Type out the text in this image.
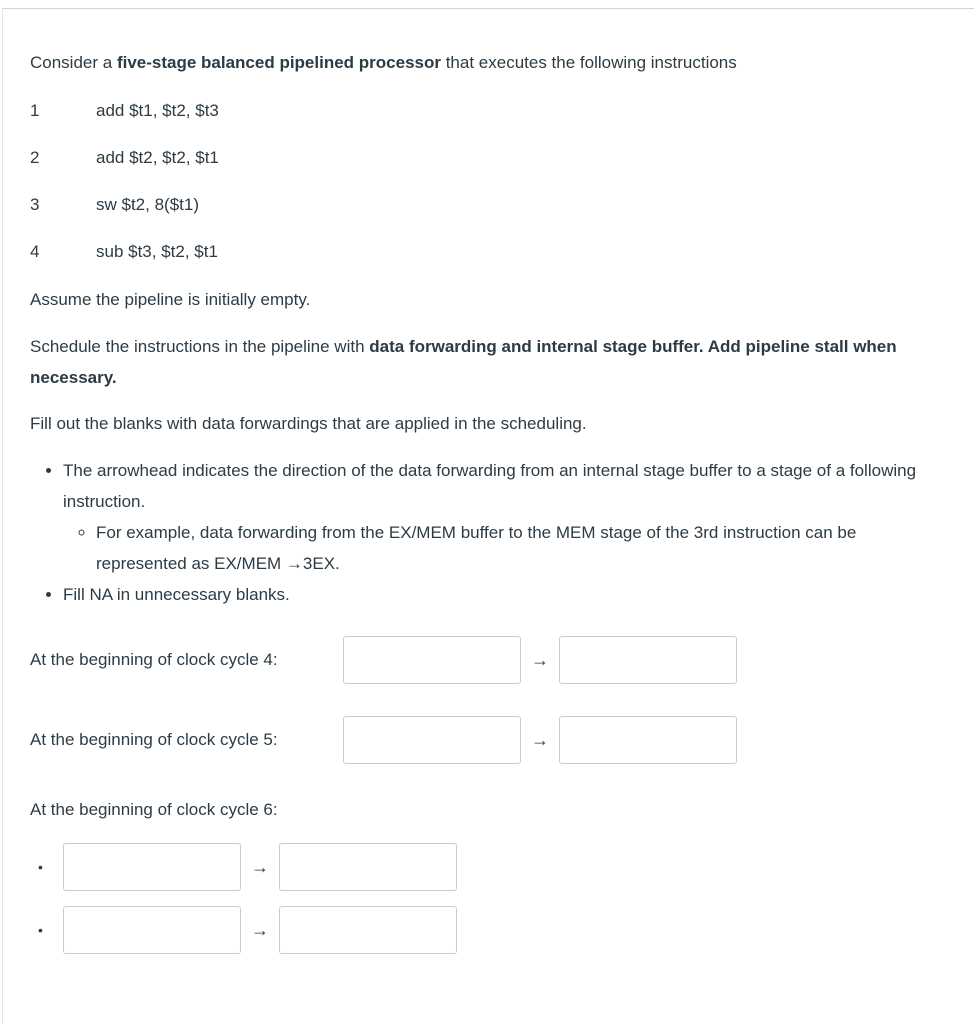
Consider a five-stage balanced pipelined processor that executes the following instructions

1	add $t1, $t2, $t3
2	add $t2, $t2, $t1
3	sw $t2, 8($t1)
4	sub $t3, $t2, $t1

Assume the pipeline is initially empty.

Schedule the instructions in the pipeline with data forwarding and internal stage buffer. Add pipeline stall when necessary.

Fill out the blanks with data forwardings that are applied in the scheduling.

• The arrowhead indicates the direction of the data forwarding from an internal stage buffer to a stage of a following instruction.
◦ For example, data forwarding from the EX/MEM buffer to the MEM stage of the 3rd instruction can be represented as EX/MEM →3EX.
• Fill NA in unnecessary blanks.
At the beginning of clock cycle 4:	→
At the beginning of clock cycle 5:	→
At the beginning of clock cycle 6:
•	→
•	→
